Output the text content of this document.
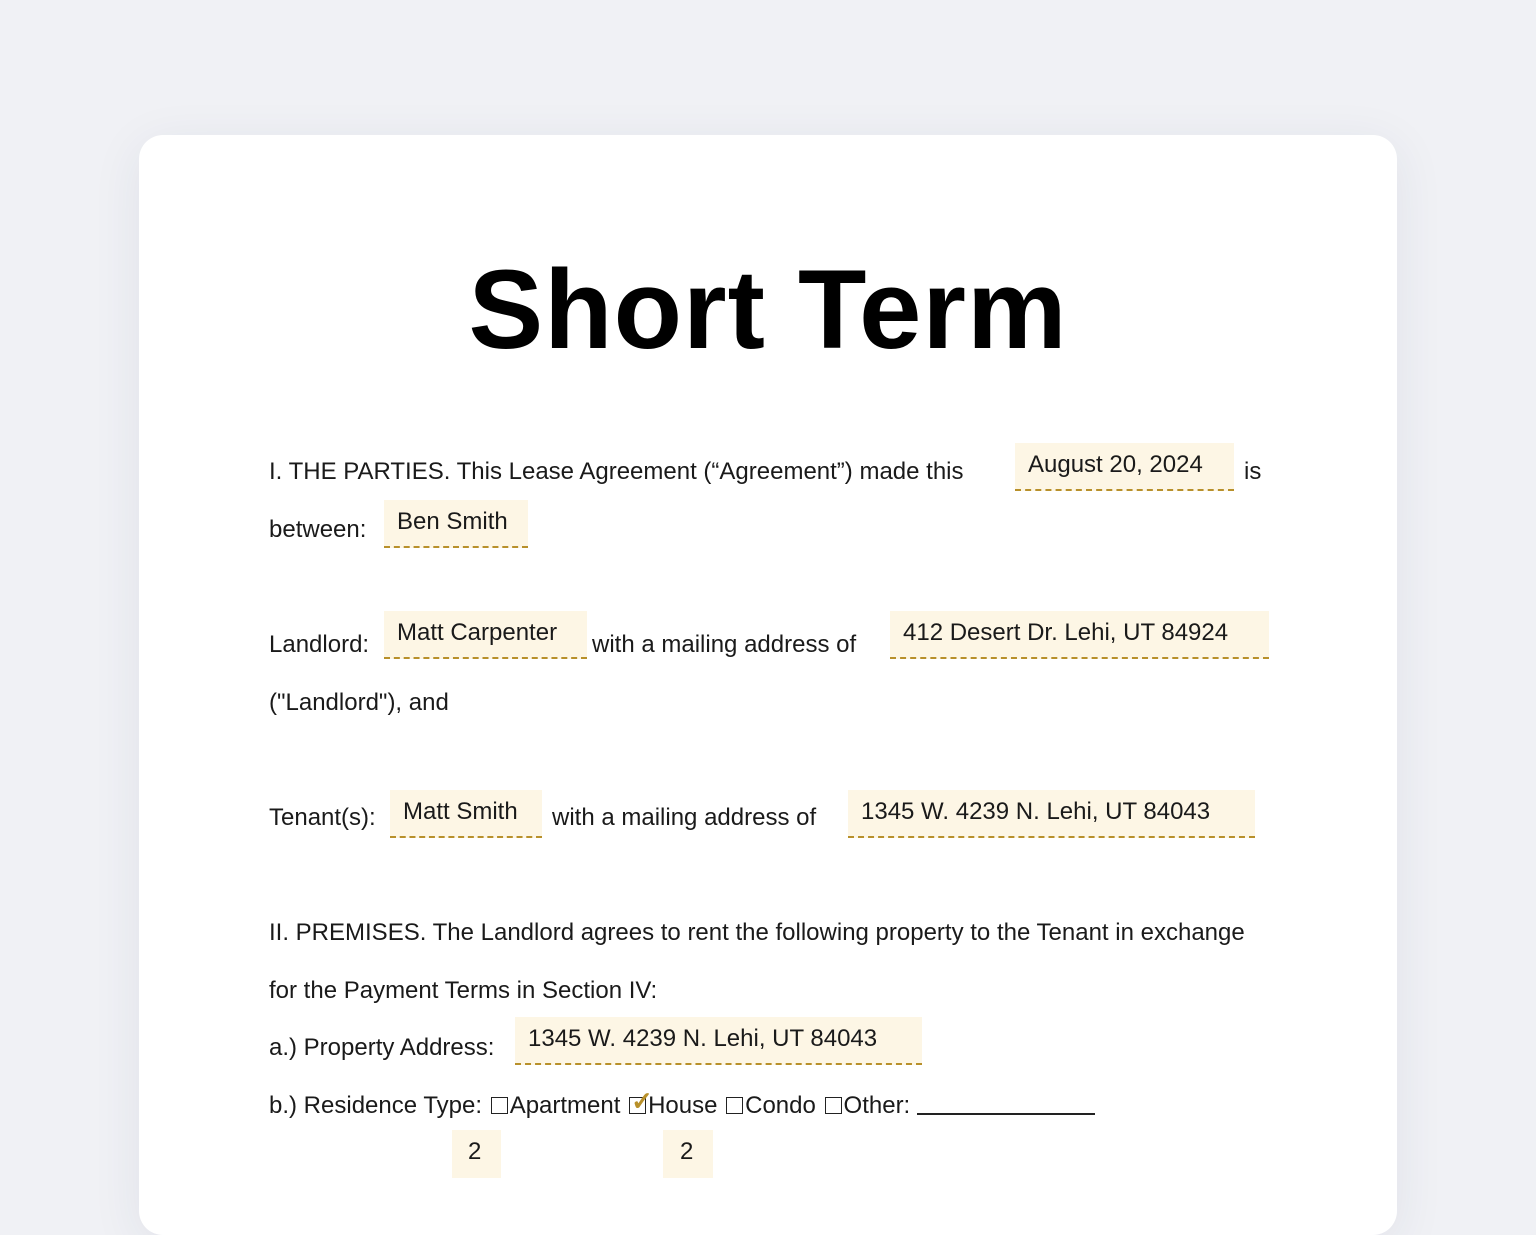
Short Term
I. THE PARTIES. This Lease Agreement (“Agreement”) made this	August 20, 2024	is
between:	Ben Smith
Landlord:	Matt Carpenter	with a mailing address of	412 Desert Dr. Lehi, UT 84924
("Landlord"), and
Tenant(s):	Matt Smith	with a mailing address of	1345 W. 4239 N. Lehi, UT 84043
II. PREMISES. The Landlord agrees to rent the following property to the Tenant in exchange
for the Payment Terms in Section IV:
a.) Property Address:	1345 W. 4239 N. Lehi, UT 84043
b.) Residence Type: Apartment ✓
House Condo Other:
2	2
